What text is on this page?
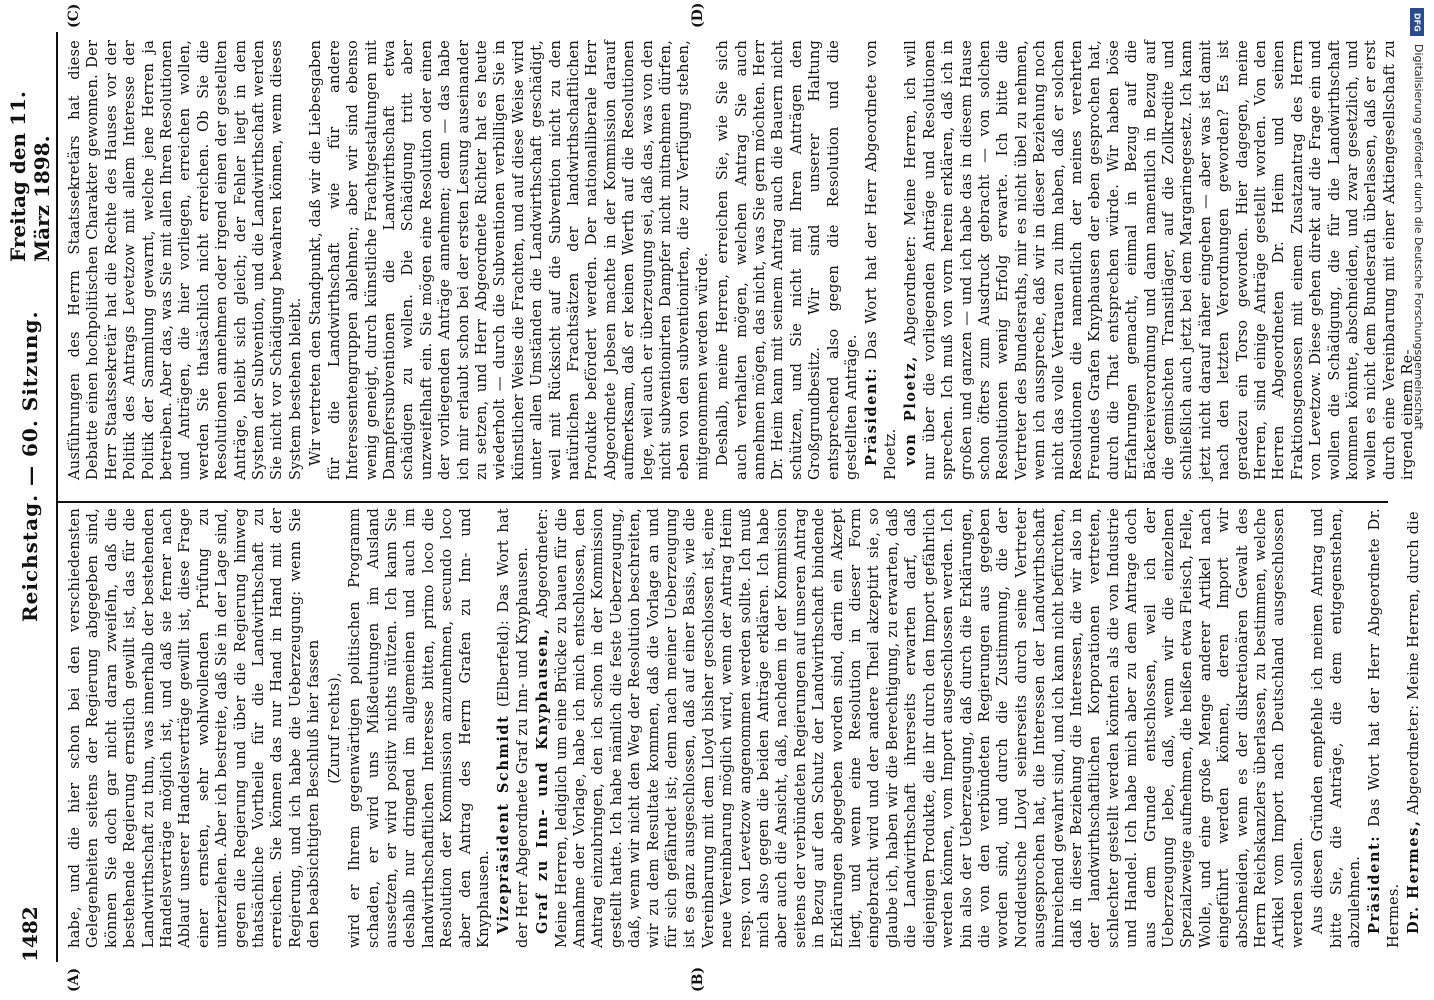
1482
Reichstag. — 60. Sitzung.
Freitag den 11. März 1898.
(A)	(B)
(C)	(D)

habe, und die hier schon bei den verschiedensten Gelegenheiten seitens der Regierung abgegeben sind, können Sie doch gar nicht daran zweifeln, daß die bestehende Regierung ernstlich gewillt ist, das für die Landwirthschaft zu thun, was innerhalb der bestehenden Handelsverträge möglich ist, und daß sie ferner nach Ablauf unserer Handelsverträge gewillt ist, diese Frage einer ernsten, sehr wohlwollenden Prüfung zu unterziehen. Aber ich bestreite, daß Sie in der Lage sind, gegen die Regierung und über die Regierung hinweg thatsächliche Vortheile für die Landwirthschaft zu erreichen. Sie können das nur Hand in Hand mit der Regierung, und ich habe die Ueberzeugung: wenn Sie den beabsichtigten Beschluß hier fassen (Zuruf rechts), wird er Ihrem gegenwärtigen politischen Programm schaden, er wird uns Mißdeutungen im Ausland aussetzen, er wird positiv nichts nützen. Ich kann Sie deshalb nur dringend im allgemeinen und auch im landwirthschaftlichen Interesse bitten, primo loco die Resolution der Kommission anzunehmen, secundo loco aber den Antrag des Herrn Grafen zu Inn- und Knyphausen. Vizepräsident Schmidt (Elberfeld): Das Wort hat der Herr Abgeordnete Graf zu Inn- und Knyphausen. Graf zu Inn- und Knyphausen, Abgeordneter: Meine Herren, lediglich um eine Brücke zu bauen für die Annahme der Vorlage, habe ich mich entschlossen, den Antrag einzubringen, den ich schon in der Kommission gestellt hatte. Ich habe nämlich die feste Ueberzeugung, daß, wenn wir nicht den Weg der Resolution beschreiten, wir zu dem Resultate kommen, daß die Vorlage an und für sich gefährdet ist; denn nach meiner Ueberzeugung ist es ganz ausgeschlossen, daß auf einer Basis, wie die Vereinbarung mit dem Lloyd bisher geschlossen ist, eine neue Vereinbarung möglich wird, wenn der Antrag Heim resp. von Levetzow angenommen werden sollte. Ich muß mich also gegen die beiden Anträge erklären. Ich habe aber auch die Ansicht, daß, nachdem in der Kommission seitens der verbündeten Regierungen auf unseren Antrag in Bezug auf den Schutz der Landwirthschaft bindende Erklärungen abgegeben worden sind, darin ein Akzept liegt, und wenn eine Resolution in dieser Form eingebracht wird und der andere Theil akzeptirt sie, so glaube ich, haben wir die Berechtigung, zu erwarten, daß die Landwirthschaft ihrerseits erwarten darf, daß diejenigen Produkte, die ihr durch den Import gefährlich werden können, vom Import ausgeschlossen werden. Ich bin also der Ueberzeugung, daß durch die Erklärungen, die von den verbündeten Regierungen aus gegeben worden sind, und durch die Zustimmung, die der Norddeutsche Lloyd seinerseits durch seine Vertreter ausgesprochen hat, die Interessen der Landwirthschaft hinreichend gewahrt sind, und ich kann nicht befürchten, daß in dieser Beziehung die Interessen, die wir also in der landwirthschaftlichen Korporationen vertreten, schlechter gestellt werden könnten als die von Industrie und Handel. Ich habe mich aber zu dem Antrage doch aus dem Grunde entschlossen, weil ich der Ueberzeugung lebe, daß, wenn wir die einzelnen Spezialzweige aufnehmen, die heißen etwa Fleisch, Felle, Wolle, und eine große Menge anderer Artikel nach eingeführt werden können, deren Import wir abschneiden, wenn es der diskretionären Gewalt des Herrn Reichskanzlers überlassen, zu bestimmen, welche Artikel vom Import nach Deutschland ausgeschlossen werden sollen. Aus diesen Gründen empfehle ich meinen Antrag und bitte Sie, die Anträge, die dem entgegenstehen, abzulehnen. Präsident: Das Wort hat der Herr Abgeordnete Dr. Hermes. Dr. Hermes, Abgeordneter: Meine Herren, durch die

Ausführungen des Herrn Staatssekretärs hat diese Debatte einen hochpolitischen Charakter gewonnen. Der Herr Staatssekretär hat die Rechte des Hauses vor der Politik des Antrags Levetzow mit allem Interesse der Politik der Sammlung gewarnt, welche jene Herren ja betreiben. Aber das, was Sie mit allen Ihren Resolutionen und Anträgen, die hier vorliegen, erreichen wollen, werden Sie thatsächlich nicht erreichen. Ob Sie die Resolutionen annehmen oder irgend einen der gestellten Anträge, bleibt sich gleich; der Fehler liegt in dem System der Subvention, und die Landwirthschaft werden Sie nicht vor Schädigung bewahren können, wenn dieses System bestehen bleibt. Wir vertreten den Standpunkt, daß wir die Liebesgaben für die Landwirthschaft wie für andere Interessentengruppen ablehnen; aber wir sind ebenso wenig geneigt, durch künstliche Frachtgestaltungen mit Dampfersubventionen die Landwirthschaft etwa schädigen zu wollen. Die Schädigung tritt aber unzweifelhaft ein. Sie mögen eine Resolution oder einen der vorliegenden Anträge annehmen; denn — das habe ich mir erlaubt schon bei der ersten Lesung auseinander zu setzen, und Herr Abgeordnete Richter hat es heute wiederholt — durch die Subventionen verbilligen Sie in künstlicher Weise die Frachten, und auf diese Weise wird unter allen Umständen die Landwirthschaft geschädigt, weil mit Rücksicht auf die Subvention nicht zu den natürlichen Frachtsätzen der landwirthschaftlichen Produkte befördert werden. Der nationalliberale Herr Abgeordnete Jebsen machte in der Kommission darauf aufmerksam, daß er keinen Werth auf die Resolutionen lege, weil auch er überzeugung sei, daß das, was von den nicht subventionirten Dampfer nicht mitnehmen dürfen, eben von den subventionirten, die zur Verfügung stehen, mitgenommen werden würde. Deshalb, meine Herren, erreichen Sie, wie Sie sich auch verhalten mögen, welchen Antrag Sie auch annehmen mögen, das nicht, was Sie gern möchten. Herr Dr. Heim kann mit seinem Antrag auch die Bauern nicht schützen, und Sie nicht mit Ihren Anträgen den Großgrundbesitz. Wir sind unserer Haltung entsprechend also gegen die Resolution und die gestellten Anträge. Präsident: Das Wort hat der Herr Abgeordnete von Ploetz. von Ploetz, Abgeordneter: Meine Herren, ich will nur über die vorliegenden Anträge und Resolutionen sprechen. Ich muß von vorn herein erklären, daß ich in großen und ganzen — und ich habe das in diesem Hause schon öfters zum Ausdruck gebracht — von solchen Resolutionen wenig Erfolg erwarte. Ich bitte die Vertreter des Bundesraths, mir es nicht übel zu nehmen, wenn ich ausspreche, daß wir in dieser Beziehung noch nicht das volle Vertrauen zu ihm haben, daß er solchen Resolutionen die namentlich der meines verehrten Freundes Grafen Knyphausen der eben gesprochen hat, durch die That entsprechen würde. Wir haben böse Erfahrungen gemacht, einmal in Bezug auf die Bäckereiverordnung und dann namentlich in Bezug auf die gemischten Transitläger, auf die Zollkredite und schließlich auch jetzt bei dem Margarinegesetz. Ich kann jetzt nicht darauf näher eingehen — aber was ist damit nach den letzten Verordnungen geworden? Es ist geradezu ein Torso geworden. Hier dagegen, meine Herren, sind einige Anträge gestellt worden. Von den Herren Abgeordneten Dr. Heim und seinen Fraktionsgenossen mit einem Zusatzantrag des Herrn von Levetzow. Diese gehen direkt auf die Frage ein und wollen die Schädigung, die für die Landwirthschaft kommen könnte, abschneiden, und zwar gesetzlich, und wollen es nicht dem Bundesrath überlassen, daß er erst durch eine Vereinbarung mit einer Aktiengesellschaft zu irgend einem Re-

DFG
Digitalisierung gefördert durch die Deutsche Forschungsgemeinschaft
